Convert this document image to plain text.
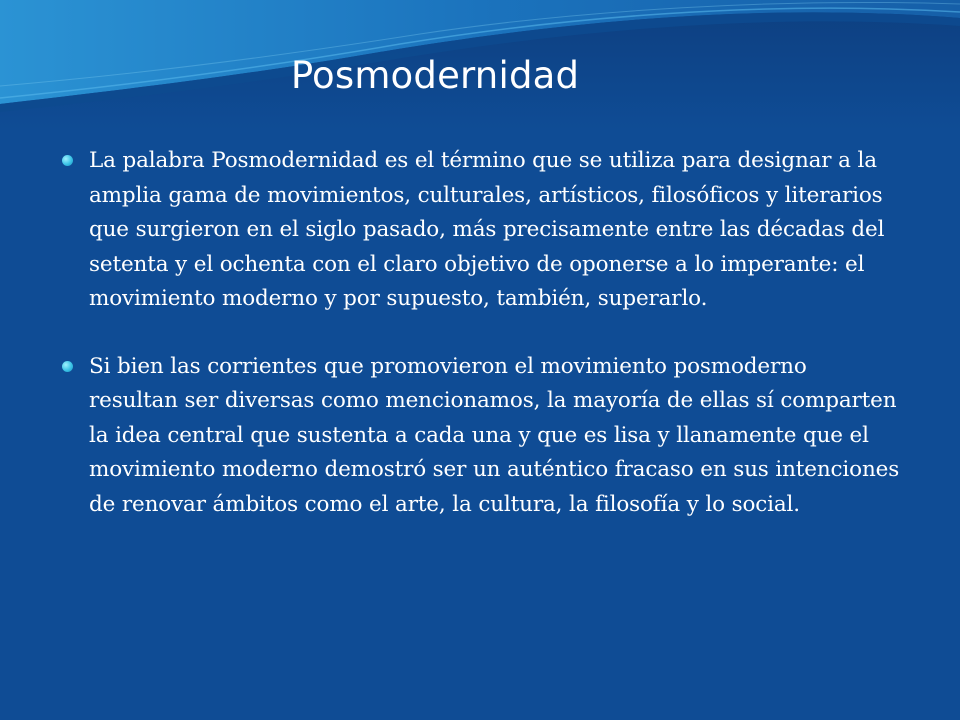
Posmodernidad
La palabra Posmodernidad es el término que se utiliza para designar a la amplia gama de movimientos, culturales, artísticos, filosóficos y literarios que surgieron en el siglo pasado, más precisamente entre las décadas del setenta y el ochenta con el claro objetivo de oponerse a lo imperante: el movimiento moderno y por supuesto, también, superarlo.
Si bien las corrientes que promovieron el movimiento posmoderno resultan ser diversas como mencionamos, la mayoría de ellas sí comparten la idea central que sustenta a cada una y que es lisa y llanamente que el movimiento moderno demostró ser un auténtico fracaso en sus intenciones de renovar ámbitos como el arte, la cultura, la filosofía y lo social.
